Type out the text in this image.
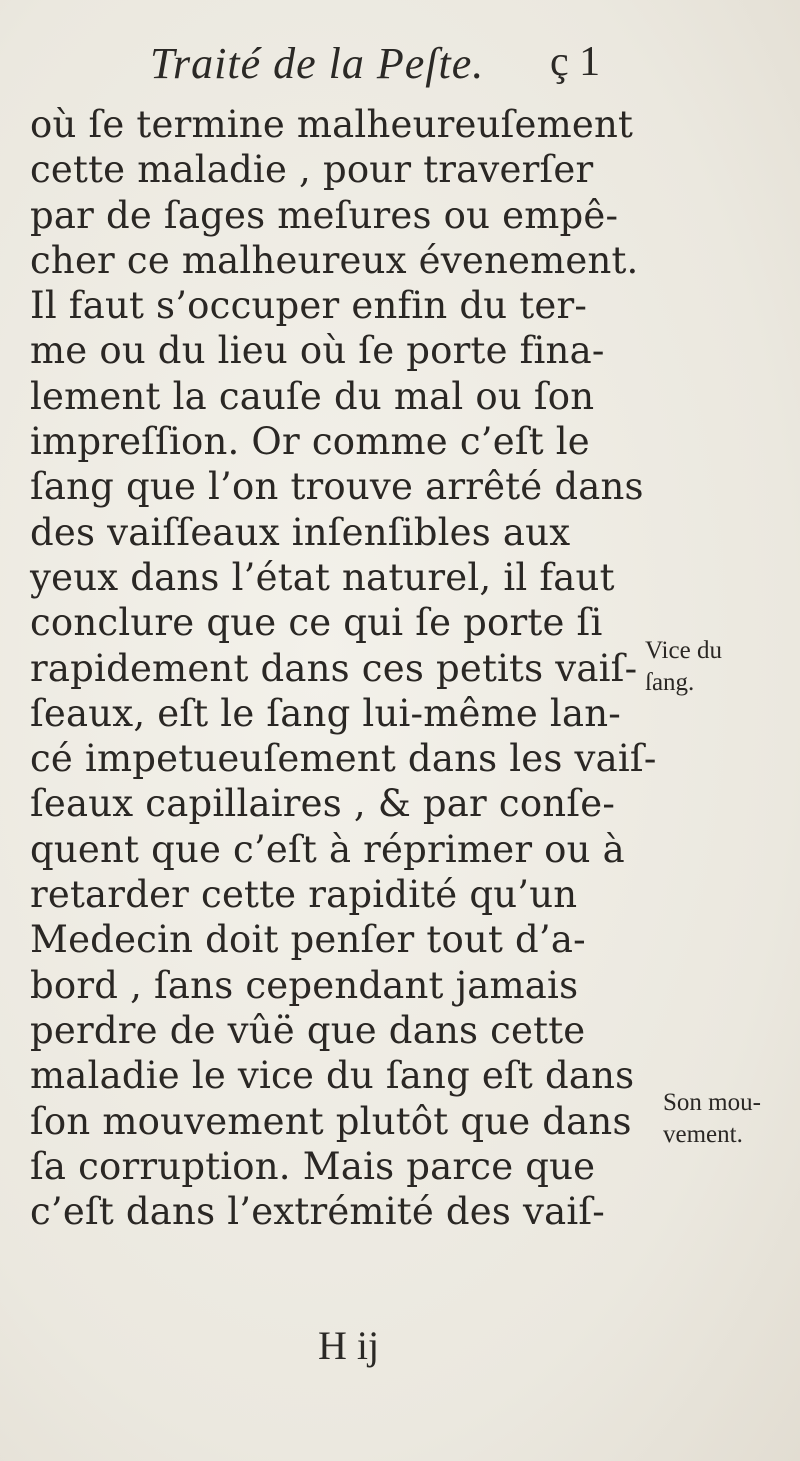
Traité de la Peſte. ç 1
où ſe termine malheureuſement
cette maladie , pour traverſer
par de ſages meſures ou empê-
cher ce malheureux évenement.
Il faut s’occuper enfin du ter-
me ou du lieu où ſe porte fina-
lement la cauſe du mal ou ſon
impreſſion. Or comme c’eſt le
ſang que l’on trouve arrêté dans
des vaiſſeaux inſenſibles aux
yeux dans l’état naturel, il faut
conclure que ce qui ſe porte ſi
rapidement dans ces petits vaiſ-
ſeaux, eſt le ſang lui-même lan-
cé impetueuſement dans les vaiſ-
ſeaux capillaires , & par conſe-
quent que c’eſt à réprimer ou à
retarder cette rapidité qu’un
Medecin doit penſer tout d’a-
bord , ſans cependant jamais
perdre de vûë que dans cette
maladie le vice du ſang eſt dans
ſon mouvement plutôt que dans
ſa corruption. Mais parce que
c’eſt dans l’extrémité des vaiſ-
H ij
Vice du
ſang.
Son mou-
vement.
